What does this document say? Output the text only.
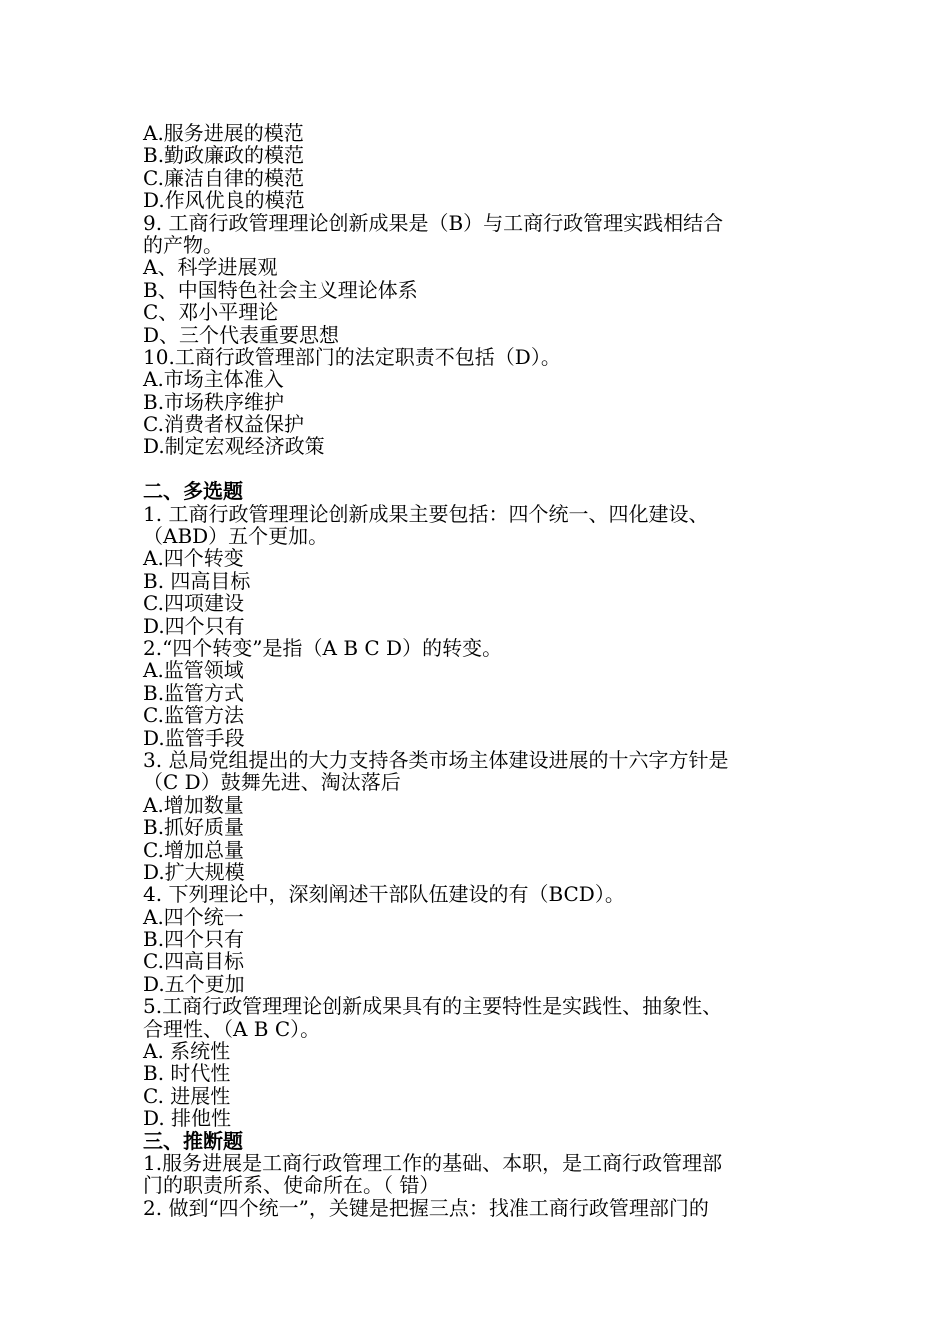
A.服务进展的模范
B.勤政廉政的模范
C.廉洁自律的模范
D.作风优良的模范
9. 工商行政管理理论创新成果是（B）与工商行政管理实践相结合
的产物。
A、科学进展观
B、中国特色社会主义理论体系
C、邓小平理论
D、三个代表重要思想
10.工商行政管理部门的法定职责不包括（D）。
A.市场主体准入
B.市场秩序维护
C.消费者权益保护
D.制定宏观经济政策
二、多选题
1. 工商行政管理理论创新成果主要包括：四个统一、四化建设、
（ABD）五个更加。
A.四个转变
B. 四高目标
C.四项建设
D.四个只有
2.“四个转变”是指（A B C D）的转变。
A.监管领域
B.监管方式
C.监管方法
D.监管手段
3. 总局党组提出的大力支持各类市场主体建设进展的十六字方针是
（C D）鼓舞先进、淘汰落后
A.增加数量
B.抓好质量
C.增加总量
D.扩大规模
4. 下列理论中，深刻阐述干部队伍建设的有（BCD）。
A.四个统一
B.四个只有
C.四高目标
D.五个更加
5.工商行政管理理论创新成果具有的主要特性是实践性、抽象性、
合理性、（A B C）。
A. 系统性
B. 时代性
C. 进展性
D. 排他性
三、推断题
1.服务进展是工商行政管理工作的基础、本职，是工商行政管理部
门的职责所系、使命所在。（ 错）
2. 做到“四个统一”，关键是把握三点：找准工商行政管理部门的
